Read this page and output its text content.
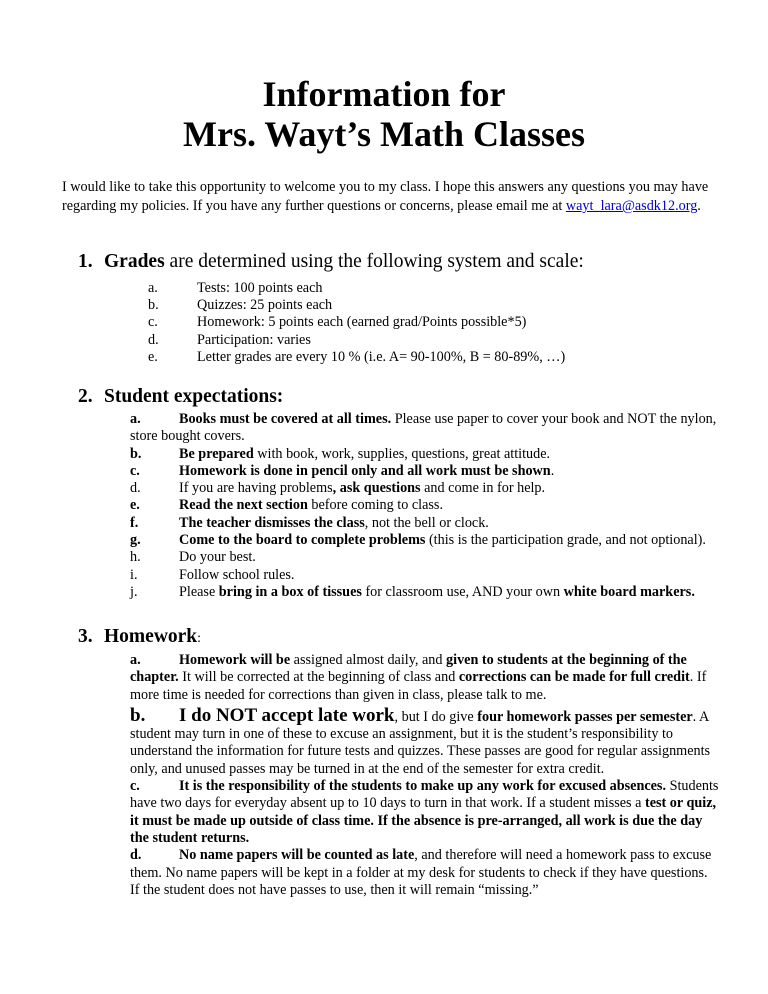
Information for
Mrs. Wayt’s Math Classes
I would like to take this opportunity to welcome you to my class. I hope this answers any questions you may have regarding my policies. If you have any further questions or concerns, please email me at wayt_lara@asdk12.org.
1. Grades are determined using the following system and scale:
a.	Tests: 100 points each
b.	Quizzes: 25 points each
c.	Homework: 5 points each (earned grad/Points possible*5)
d.	Participation: varies
e.	Letter grades are every 10 % (i.e. A= 90-100%, B = 80-89%, …)
2. Student expectations:

a.	Books must be covered at all times. Please use paper to cover your book and NOT the nylon, store bought covers.

b.	Be prepared with book, work, supplies, questions, great attitude.

c.	Homework is done in pencil only and all work must be shown.

d.	If you are having problems, ask questions and come in for help.

e.	Read the next section before coming to class.

f.	The teacher dismisses the class, not the bell or clock.

g.	Come to the board to complete problems (this is the participation grade, and not optional).

h.	Do your best.

i.	Follow school rules.

j.	Please bring in a box of tissues for classroom use, AND your own white board markers.

3. Homework:

a.	Homework will be assigned almost daily, and given to students at the beginning of the chapter. It will be corrected at the beginning of class and corrections can be made for full credit. If more time is needed for corrections than given in class, please talk to me.

b. I do NOT accept late work, but I do give four homework passes per semester. A student may turn in one of these to excuse an assignment, but it is the student’s responsibility to understand the information for future tests and quizzes. These passes are good for regular assignments only, and unused passes may be turned in at the end of the semester for extra credit.

c.	It is the responsibility of the students to make up any work for excused absences. Students have two days for everyday absent up to 10 days to turn in that work. If a student misses a test or quiz, it must be made up outside of class time. If the absence is pre-arranged, all work is due the day the student returns.

d.	No name papers will be counted as late, and therefore will need a homework pass to excuse them. No name papers will be kept in a folder at my desk for students to check if they have questions. If the student does not have passes to use, then it will remain “missing.”
